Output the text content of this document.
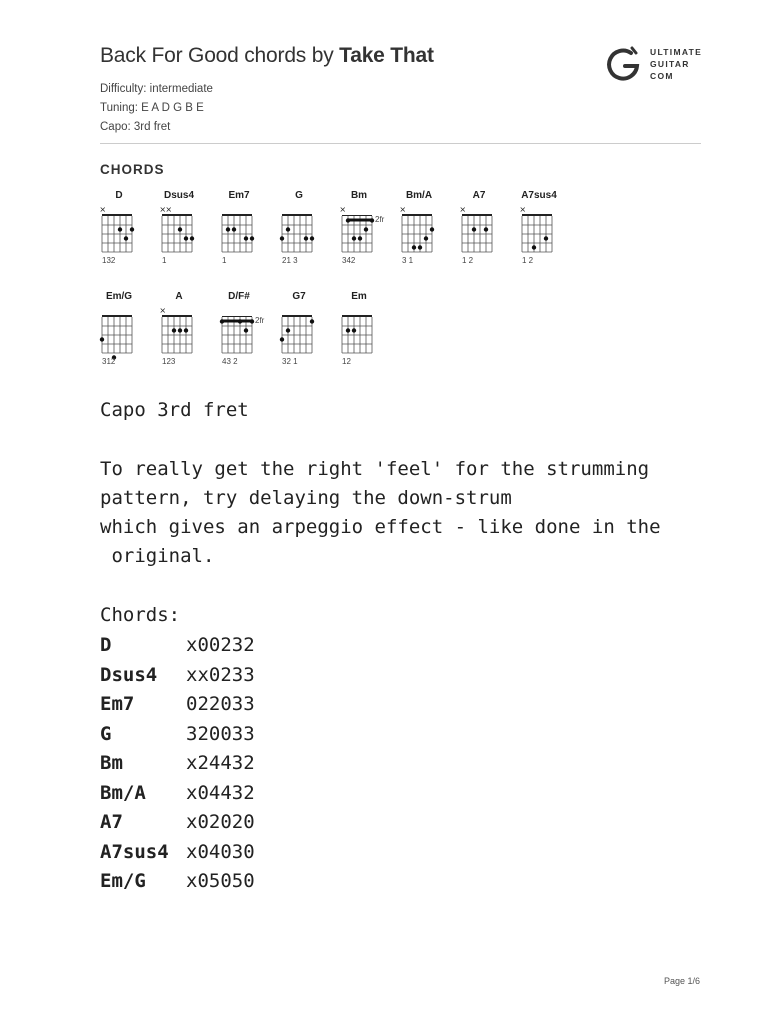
Back For Good chords by Take That
Difficulty: intermediate
Tuning: E A D G B E
Capo: 3rd fret
ULTIMATE
GUITAR
COM
CHORDS
D
×
132
Dsus4
× ×
1
Em7
1
G
21 3
Bm
2fr
×
342
Bm/A
×
3 1
A7
×
1 2
A7sus4
×
1 2
Em/G
312
A
×
123
D/F#
2fr
43 2
G7
32 1
Em
12
Capo 3rd fret
To really get the right 'feel' for the strumming
pattern, try delaying the down-strum
which gives an arpeggio effect - like done in the
original.
Chords:
D	x00232
Dsus4 xx0233
Em7	022033
G	320033
Bm	x24432
Bm/A x04432
A7	x02020
A7sus4 x04030
Em/G x05050
Page 1/6
